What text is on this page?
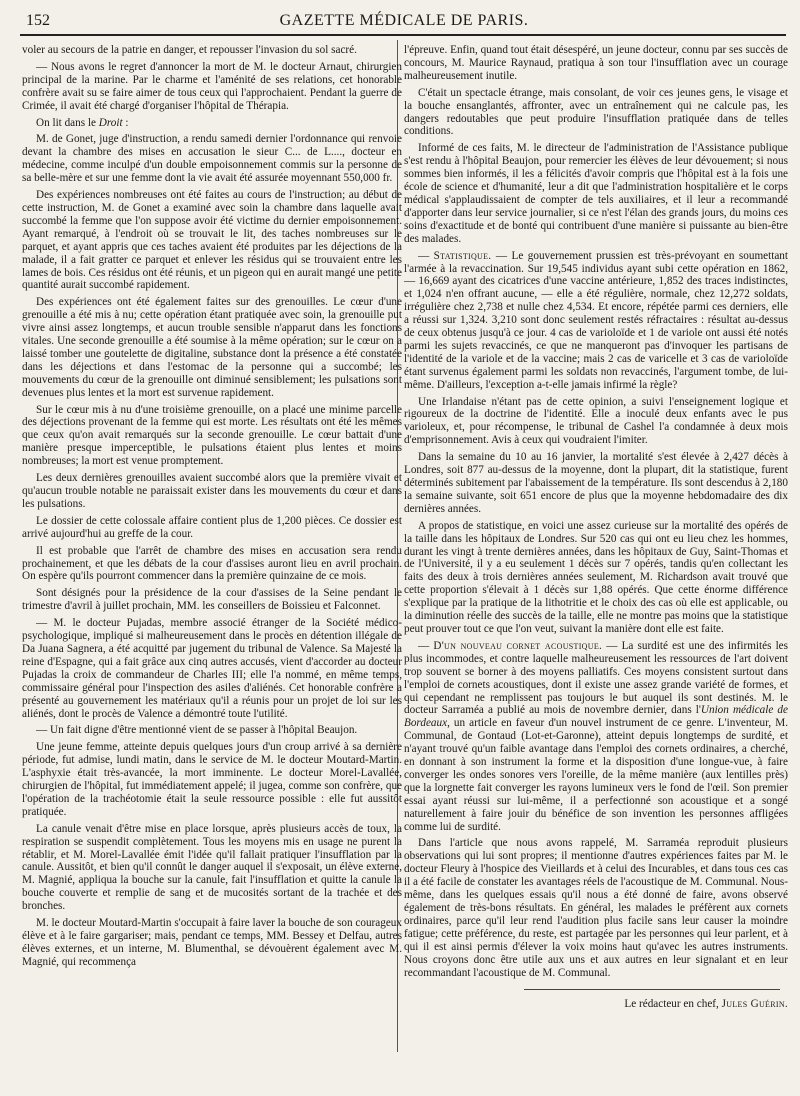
152	GAZETTE MÉDICALE DE PARIS.

voler au secours de la patrie en danger, et repousser l'invasion du sol sacré.

— Nous avons le regret d'annoncer la mort de M. le docteur Arnaut, chirurgien principal de la marine. Par le charme et l'aménité de ses relations, cet honorable confrère avait su se faire aimer de tous ceux qui l'approchaient. Pendant la guerre de Crimée, il avait été chargé d'organiser l'hôpital de Thérapia.

On lit dans le Droit :

M. de Gonet, juge d'instruction, a rendu samedi dernier l'ordonnance qui renvoie devant la chambre des mises en accusation le sieur C... de L...., docteur en médecine, comme inculpé d'un double empoisonnement commis sur la personne de sa belle-mère et sur une femme dont la vie avait été assurée moyennant 550,000 fr.

Des expériences nombreuses ont été faites au cours de l'instruction; au début de cette instruction, M. de Gonet a examiné avec soin la chambre dans laquelle avait succombé la femme que l'on suppose avoir été victime du dernier empoisonnement. Ayant remarqué, à l'endroit où se trouvait le lit, des taches nombreuses sur le parquet, et ayant appris que ces taches avaient été produites par les déjections de la malade, il a fait gratter ce parquet et enlever les résidus qui se trouvaient entre les lames de bois. Ces résidus ont été réunis, et un pigeon qui en aurait mangé une petite quantité aurait succombé rapidement.

Des expériences ont été également faites sur des grenouilles. Le cœur d'une grenouille a été mis à nu; cette opération étant pratiquée avec soin, la grenouille put vivre ainsi assez longtemps, et aucun trouble sensible n'apparut dans les fonctions vitales. Une seconde grenouille a été soumise à la même opération; sur le cœur on a laissé tomber une goutelette de digitaline, substance dont la présence a été constatée dans les déjections et dans l'estomac de la personne qui a succombé; les mouvements du cœur de la grenouille ont diminué sensiblement; les pulsations sont devenues plus lentes et la mort est survenue rapidement.

Sur le cœur mis à nu d'une troisième grenouille, on a placé une minime parcelle des déjections provenant de la femme qui est morte. Les résultats ont été les mêmes que ceux qu'on avait remarqués sur la seconde grenouille. Le cœur battait d'une manière presque imperceptible, le pulsations étaient plus lentes et moins nombreuses; la mort est venue promptement.

Les deux dernières grenouilles avaient succombé alors que la première vivait et qu'aucun trouble notable ne paraissait exister dans les mouvements du cœur et dans les pulsations.

Le dossier de cette colossale affaire contient plus de 1,200 pièces. Ce dossier est arrivé aujourd'hui au greffe de la cour.

Il est probable que l'arrêt de chambre des mises en accusation sera rendu prochainement, et que les débats de la cour d'assises auront lieu en avril prochain. On espère qu'ils pourront commencer dans la première quinzaine de ce mois.

Sont désignés pour la présidence de la cour d'assises de la Seine pendant le trimestre d'avril à juillet prochain, MM. les conseillers de Boissieu et Falconnet.

— M. le docteur Pujadas, membre associé étranger de la Société médico-psychologique, impliqué si malheureusement dans le procès en détention illégale de Da Juana Sagnera, a été acquitté par jugement du tribunal de Valence. Sa Majesté la reine d'Espagne, qui a fait grâce aux cinq autres accusés, vient d'accorder au docteur Pujadas la croix de commandeur de Charles III; elle l'a nommé, en même temps, commissaire général pour l'inspection des asiles d'aliénés. Cet honorable confrère a présenté au gouvernement les matériaux qu'il a réunis pour un projet de loi sur les aliénés, dont le procès de Valence a démontré toute l'utilité.

— Un fait digne d'être mentionné vient de se passer à l'hôpital Beaujon.

Une jeune femme, atteinte depuis quelques jours d'un croup arrivé à sa dernière période, fut admise, lundi matin, dans le service de M. le docteur Moutard-Martin. L'asphyxie était très-avancée, la mort imminente. Le docteur Morel-Lavallée, chirurgien de l'hôpital, fut immédiatement appelé; il jugea, comme son confrère, que l'opération de la trachéotomie était la seule ressource possible : elle fut aussitôt pratiquée.

La canule venait d'être mise en place lorsque, après plusieurs accès de toux, la respiration se suspendit complètement. Tous les moyens mis en usage ne purent la rétablir, et M. Morel-Lavallée émit l'idée qu'il fallait pratiquer l'insufflation par la canule. Aussitôt, et bien qu'il connût le danger auquel il s'exposait, un élève externe, M. Magnié, appliqua la bouche sur la canule, fait l'insufflation et quitte la canule la bouche couverte et remplie de sang et de mucosités sortant de la trachée et des bronches.

M. le docteur Moutard-Martin s'occupait à faire laver la bouche de son courageux élève et à le faire gargariser; mais, pendant ce temps, MM. Bessey et Delfau, autres élèves externes, et un interne, M. Blumenthal, se dévouèrent également avec M. Magnié, qui recommença

l'épreuve. Enfin, quand tout était désespéré, un jeune docteur, connu par ses succès de concours, M. Maurice Raynaud, pratiqua à son tour l'insufflation avec un courage malheureusement inutile.

C'était un spectacle étrange, mais consolant, de voir ces jeunes gens, le visage et la bouche ensanglantés, affronter, avec un entraînement qui ne calcule pas, les dangers redoutables que peut produire l'insufflation pratiquée dans de telles conditions.

Informé de ces faits, M. le directeur de l'administration de l'Assistance publique s'est rendu à l'hôpital Beaujon, pour remercier les élèves de leur dévouement; si nous sommes bien informés, il les a félicités d'avoir compris que l'hôpital est à la fois une école de science et d'humanité, leur a dit que l'administration hospitalière et le corps médical s'applaudissaient de compter de tels auxiliaires, et il leur a recommandé d'apporter dans leur service journalier, si ce n'est l'élan des grands jours, du moins ces soins d'exactitude et de bonté qui contribuent d'une manière si puissante au bien-être des malades.

— Statistique. — Le gouvernement prussien est très-prévoyant en soumettant l'armée à la revaccination. Sur 19,545 individus ayant subi cette opération en 1862, — 16,669 ayant des cicatrices d'une vaccine antérieure, 1,852 des traces indistinctes, et 1,024 n'en offrant aucune, — elle a été régulière, normale, chez 12,272 soldats, irrégulière chez 2,738 et nulle chez 4,534. Et encore, répétée parmi ces derniers, elle a réussi sur 1,324. 3,210 sont donc seulement restés réfractaires : résultat au-dessus de ceux obtenus jusqu'à ce jour. 4 cas de varioloïde et 1 de variole ont aussi été notés parmi les sujets revaccinés, ce que ne manqueront pas d'invoquer les partisans de l'identité de la variole et de la vaccine; mais 2 cas de varicelle et 3 cas de varioloïde étant survenus également parmi les soldats non revaccinés, l'argument tombe, de lui-même. D'ailleurs, l'exception a-t-elle jamais infirmé la règle?

Une Irlandaise n'étant pas de cette opinion, a suivi l'enseignement logique et rigoureux de la doctrine de l'identité. Elle a inoculé deux enfants avec le pus varioleux, et, pour récompense, le tribunal de Cashel l'a condamnée à deux mois d'emprisonnement. Avis à ceux qui voudraient l'imiter.

Dans la semaine du 10 au 16 janvier, la mortalité s'est élevée à 2,427 décès à Londres, soit 877 au-dessus de la moyenne, dont la plupart, dit la statistique, furent déterminés subitement par l'abaissement de la température. Ils sont descendus à 2,180 la semaine suivante, soit 651 encore de plus que la moyenne hebdomadaire des dix dernières années.

A propos de statistique, en voici une assez curieuse sur la mortalité des opérés de la taille dans les hôpitaux de Londres. Sur 520 cas qui ont eu lieu chez les hommes, durant les vingt à trente dernières années, dans les hôpitaux de Guy, Saint-Thomas et de l'Université, il y a eu seulement 1 décès sur 7 opérés, tandis qu'en collectant les faits des deux à trois dernières années seulement, M. Richardson avait trouvé que cette proportion s'élevait à 1 décès sur 1,88 opérés. Que cette énorme différence s'explique par la pratique de la lithotritie et le choix des cas où elle est applicable, ou la diminution réelle des succès de la taille, elle ne montre pas moins que la statistique peut prouver tout ce que l'on veut, suivant la manière dont elle est faite.

— D'un nouveau cornet acoustique. — La surdité est une des infirmités les plus incommodes, et contre laquelle malheureusement les ressources de l'art doivent trop souvent se borner à des moyens palliatifs. Ces moyens consistent surtout dans l'emploi de cornets acoustiques, dont il existe une assez grande variété de formes, et qui cependant ne remplissent pas toujours le but auquel ils sont destinés. M. le docteur Sarraméa a publié au mois de novembre dernier, dans l'Union médicale de Bordeaux, un article en faveur d'un nouvel instrument de ce genre. L'inventeur, M. Communal, de Gontaud (Lot-et-Garonne), atteint depuis longtemps de surdité, et n'ayant trouvé qu'un faible avantage dans l'emploi des cornets ordinaires, a cherché, en donnant à son instrument la forme et la disposition d'une longue-vue, à faire converger les ondes sonores vers l'oreille, de la même manière (aux lentilles près) que la lorgnette fait converger les rayons lumineux vers le fond de l'œil. Son premier essai ayant réussi sur lui-même, il a perfectionné son acoustique et a songé naturellement à faire jouir du bénéfice de son invention les personnes affligées comme lui de surdité.

Dans l'article que nous avons rappelé, M. Sarraméa reproduit plusieurs observations qui lui sont propres; il mentionne d'autres expériences faites par M. le docteur Fleury à l'hospice des Vieillards et à celui des Incurables, et dans tous ces cas il a été facile de constater les avantages réels de l'acoustique de M. Communal. Nous-même, dans les quelques essais qu'il nous a été donné de faire, avons observé également de très-bons résultats. En général, les malades le préfèrent aux cornets ordinaires, parce qu'il leur rend l'audition plus facile sans leur causer la moindre fatigue; cette préférence, du reste, est partagée par les personnes qui leur parlent, et à qui il est ainsi permis d'élever la voix moins haut qu'avec les autres instruments. Nous croyons donc être utile aux uns et aux autres en leur signalant et en leur recommandant l'acoustique de M. Communal.

Le rédacteur en chef, Jules Guérin.
